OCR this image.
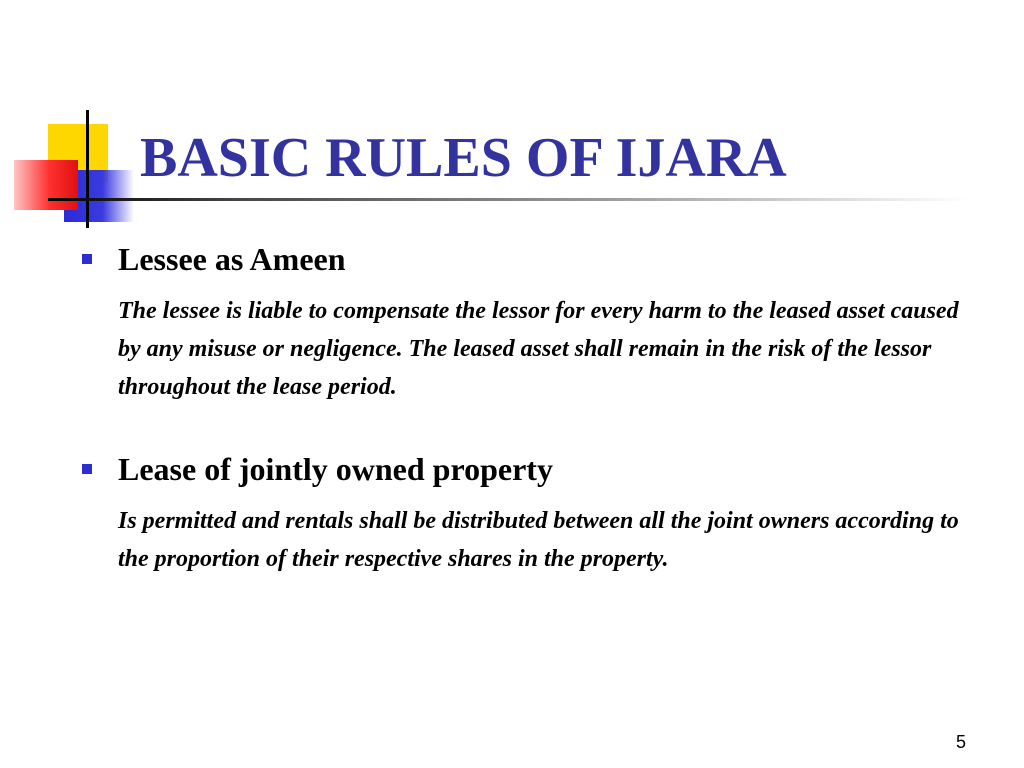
BASIC RULES OF IJARA

Lessee as Ameen

The lessee is liable to compensate the lessor for every harm to the leased asset caused by any misuse or negligence. The leased asset shall remain in the risk of the lessor throughout the lease period.

Lease of jointly owned property

Is permitted and rentals shall be distributed between all the joint owners according to the proportion of their respective shares in the property.

5
